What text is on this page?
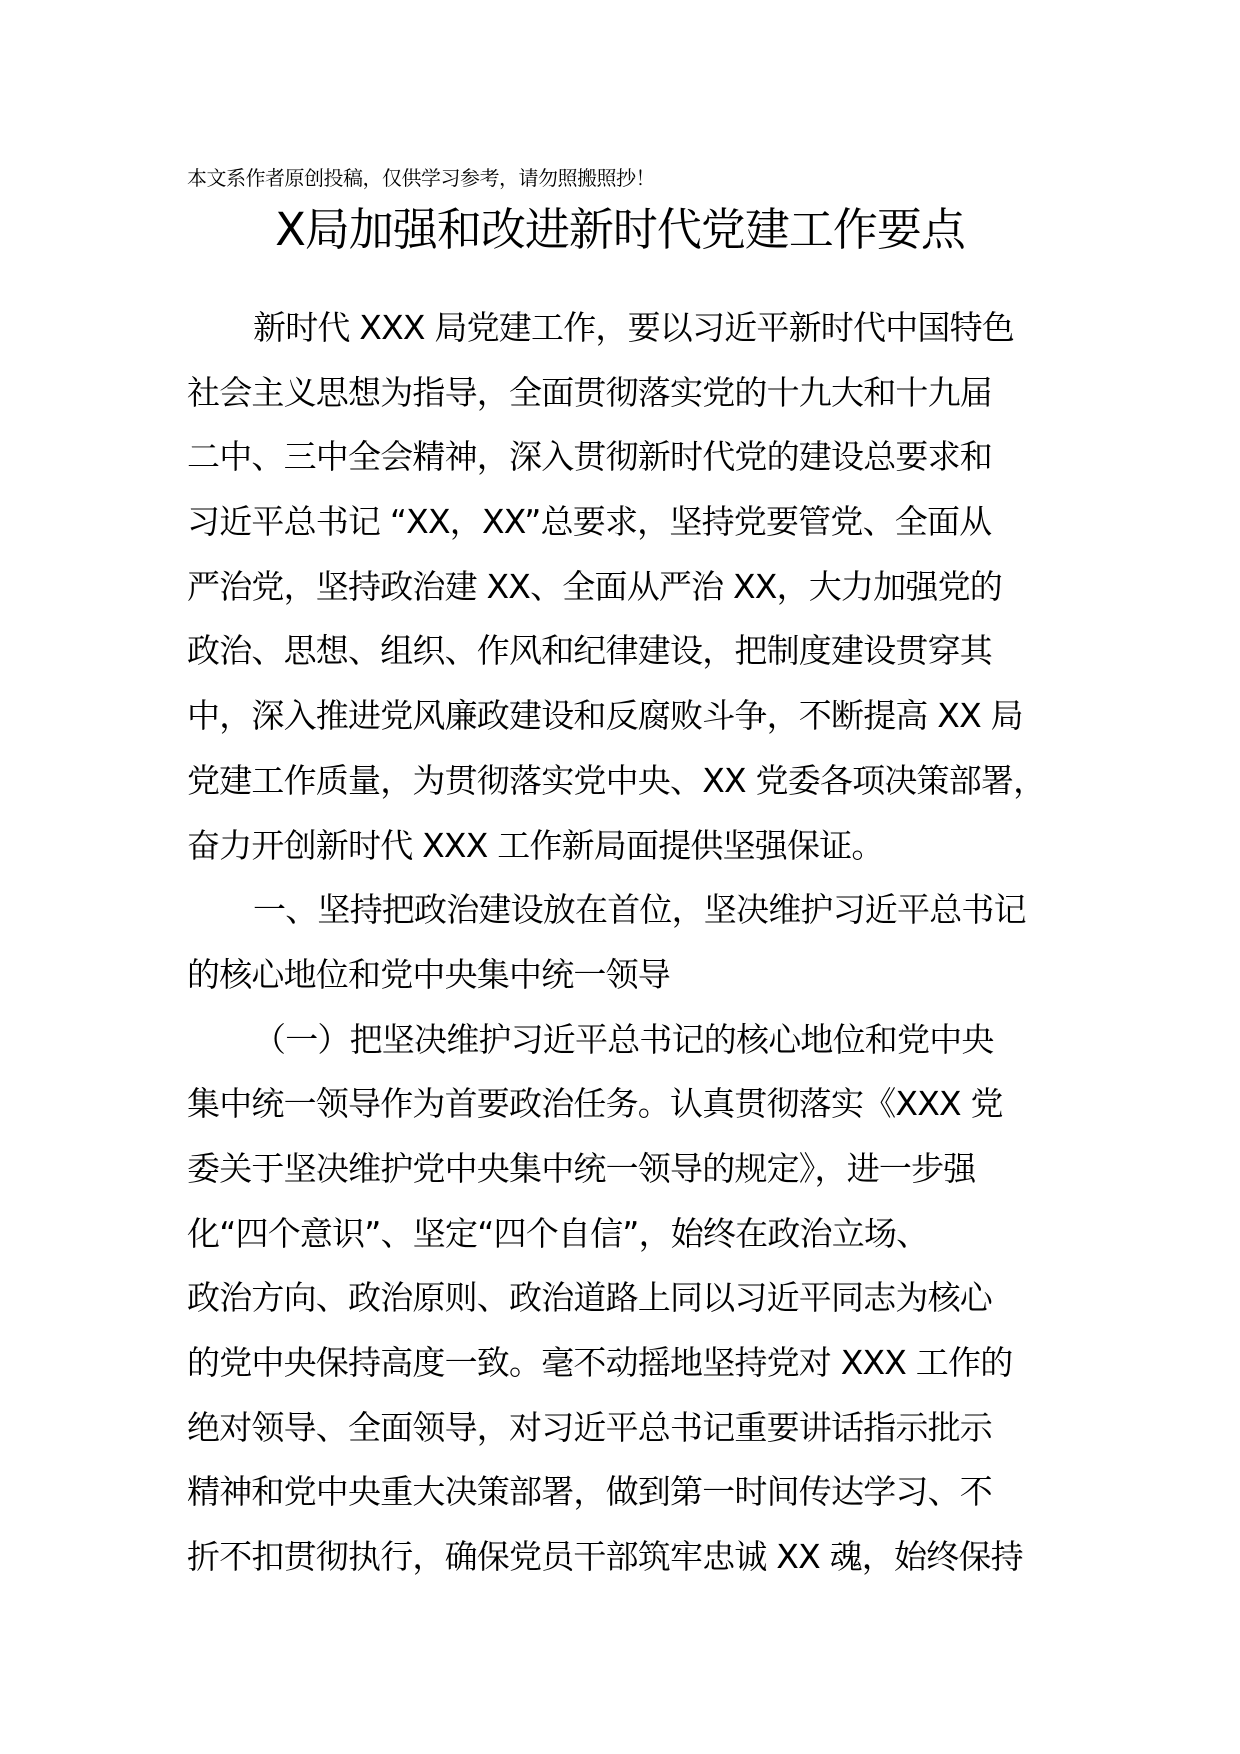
本文系作者原创投稿，仅供学习参考，请勿照搬照抄！
X局加强和改进新时代党建工作要点
新时代 XXX 局党建工作，要以习近平新时代中国特色
社会主义思想为指导，全面贯彻落实党的十九大和十九届
二中、三中全会精神，深入贯彻新时代党的建设总要求和
习近平总书记 “XX，XX”总要求，坚持党要管党、全面从
严治党，坚持政治建 XX、全面从严治 XX，大力加强党的
政治、思想、组织、作风和纪律建设，把制度建设贯穿其
中，深入推进党风廉政建设和反腐败斗争，不断提高 XX 局
党建工作质量，为贯彻落实党中央、XX 党委各项决策部署，
奋力开创新时代 XXX 工作新局面提供坚强保证。
一、坚持把政治建设放在首位，坚决维护习近平总书记
的核心地位和党中央集中统一领导
（一）把坚决维护习近平总书记的核心地位和党中央
集中统一领导作为首要政治任务。认真贯彻落实《XXX 党
委关于坚决维护党中央集中统一领导的规定》，进一步强
化“四个意识”、坚定“四个自信”，始终在政治立场、
政治方向、政治原则、政治道路上同以习近平同志为核心
的党中央保持高度一致。毫不动摇地坚持党对 XXX 工作的
绝对领导、全面领导，对习近平总书记重要讲话指示批示
精神和党中央重大决策部署，做到第一时间传达学习、不
折不扣贯彻执行，确保党员干部筑牢忠诚 XX 魂，始终保持
